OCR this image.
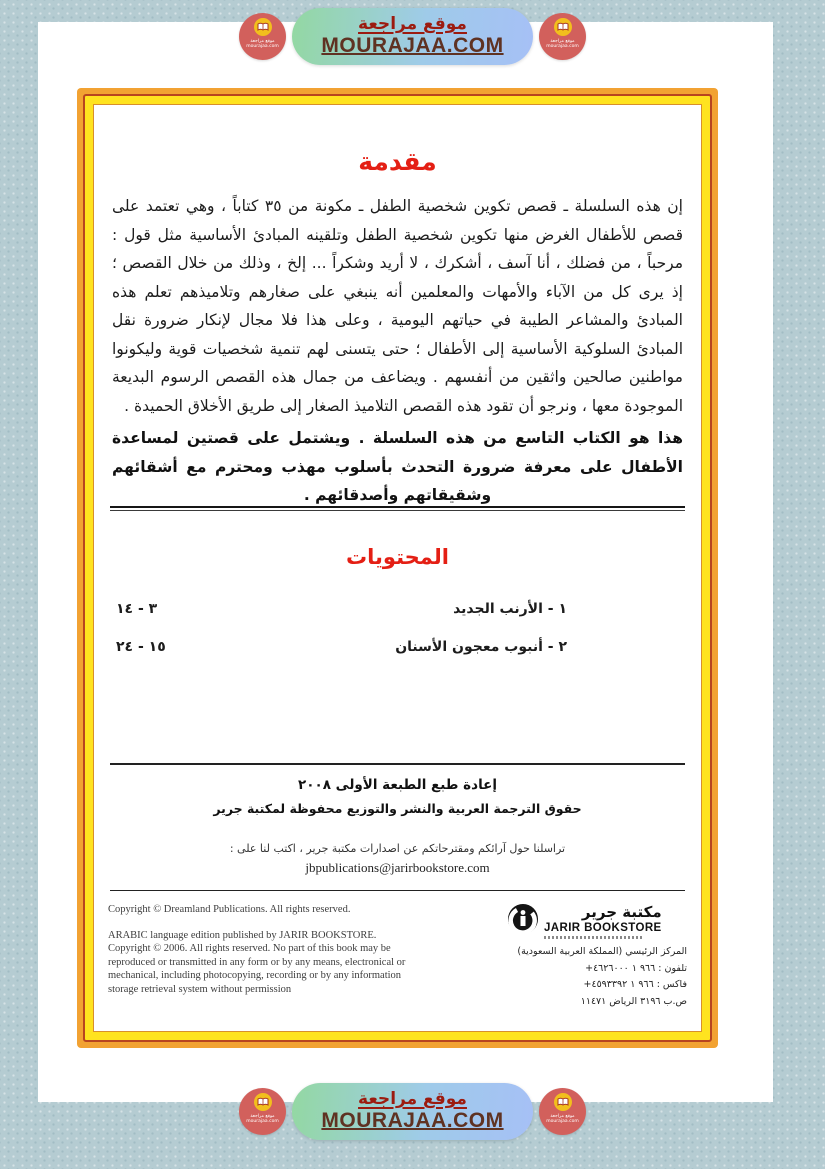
موقع مراجعة
mourajaa.com
موقع مراجعة
MOURAJAA.COM	موقع مراجعة
mourajaa.com
مقدمة

إن هذه السلسلة ـ قصص تكوين شخصية الطفل ـ مكونة من ٣٥ كتاباً ، وهي تعتمد على قصص للأطفال الغرض منها تكوين شخصية الطفل وتلقينه المبادئ الأساسية مثل قول : مرحباً ، من فضلك ، أنا آسف ، أشكرك ، لا أريد وشكراً ... إلخ ، وذلك من خلال القصص ؛ إذ يرى كل من الآباء والأمهات والمعلمين أنه ينبغي على صغارهم وتلاميذهم تعلم هذه المبادئ والمشاعر الطيبة في حياتهم اليومية ، وعلى هذا فلا مجال لإنكار ضرورة نقل المبادئ السلوكية الأساسية إلى الأطفال ؛ حتى يتسنى لهم تنمية شخصيات قوية وليكونوا مواطنين صالحين واثقين من أنفسهم . ويضاعف من جمال هذه القصص الرسوم البديعة الموجودة معها ، ونرجو أن تقود هذه القصص التلاميذ الصغار إلى طريق الأخلاق الحميدة .

هذا هو الكتاب التاسع من هذه السلسلة . ويشتمل على قصتين لمساعدة الأطفال على معرفة ضرورة التحدث بأسلوب مهذب ومحترم مع أشقائهم وشقيقاتهم وأصدقائهم .

المحتويات
١ - الأرنب الجديد
٣ - ١٤
٢ - أنبوب معجون الأسنان
١٥ - ٢٤
إعادة طبع الطبعة الأولى ٢٠٠٨
حقوق الترجمة العربية والنشر والتوزيع محفوظة لمكتبة جرير
تراسلنا حول آرائكم ومقترحاتكم عن اصدارات مكتبة جرير ، اكتب لنا على :
jbpublications@jarirbookstore.com
Copyright © Dreamland Publications. All rights reserved.
ARABIC language edition published by JARIR BOOKSTORE.
Copyright © 2006. All rights reserved. No part of this book may be
reproduced or transmitted in any form or by any means, electronical or
mechanical, including photocopying, recording or by any information
storage retrieval system without permission
مكتبة جرير
JARIR BOOKSTORE
المركز الرئيسي (المملكة العربية السعودية)
تلفون : +٩٦٦ ١ ٤٦٢٦٠٠٠
فاكس : +٩٦٦ ١ ٤٥٩٣٣٩٢
ص.ب ٣١٩٦ الرياض ١١٤٧١
موقع مراجعة
mourajaa.com
موقع مراجعة
MOURAJAA.COM	موقع مراجعة
mourajaa.com
